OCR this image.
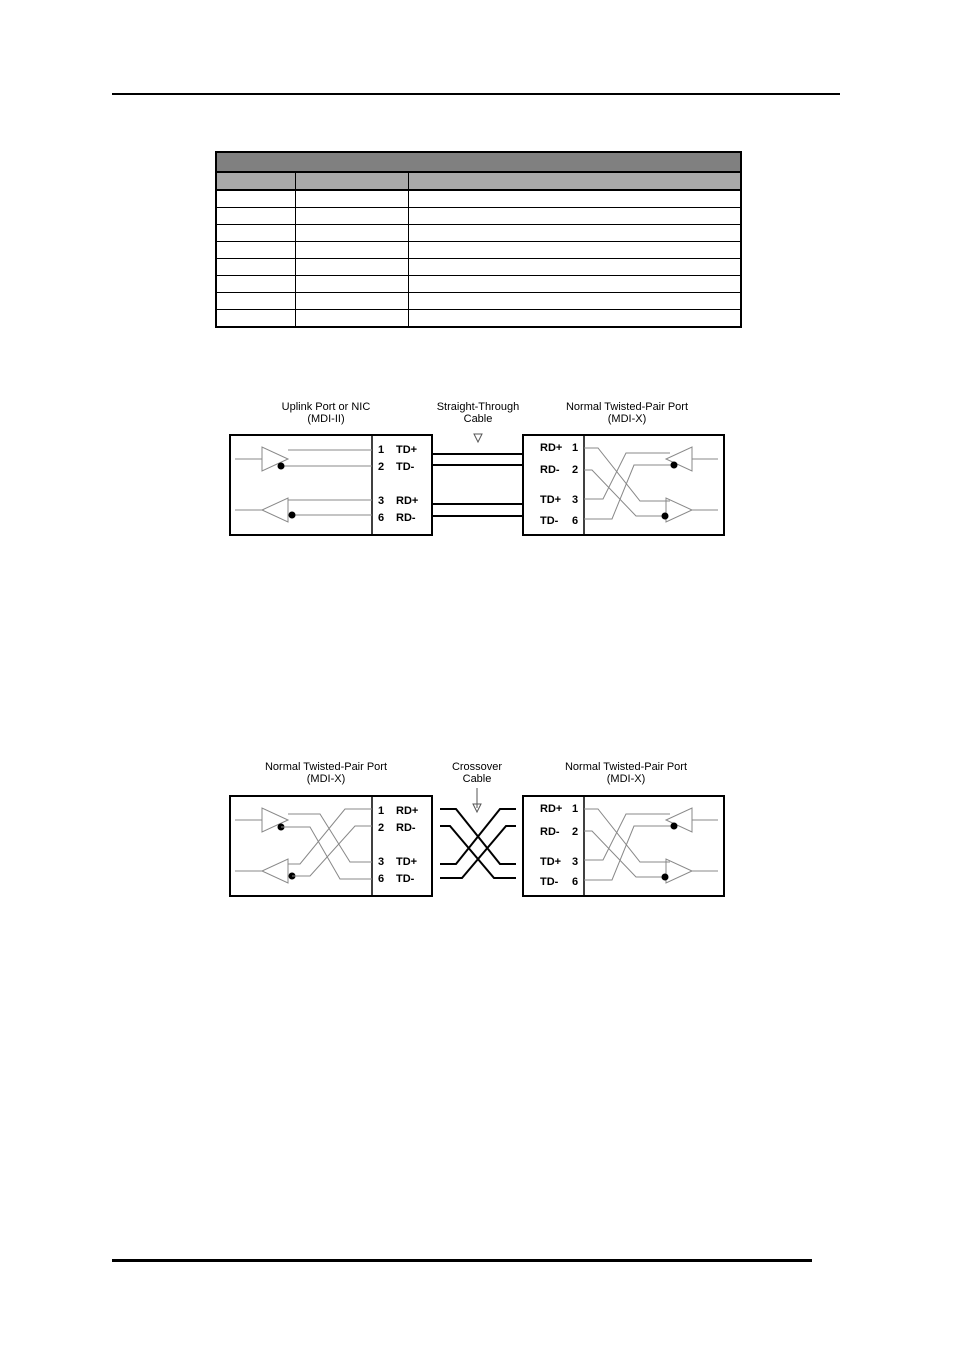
Uplink Port or NIC
(MDI-II)
Straight-Through
Cable
Normal Twisted-Pair Port
(MDI-X)
1 TD+
2 TD-
3 RD+
6 RD-
RD+ 1
RD- 2
TD+ 3
TD- 6
Normal Twisted-Pair Port
(MDI-X)
Crossover
Cable
Normal Twisted-Pair Port
(MDI-X)
1 RD+
2 RD-
3 TD+
6 TD-
RD+ 1
RD- 2
TD+ 3
TD- 6
